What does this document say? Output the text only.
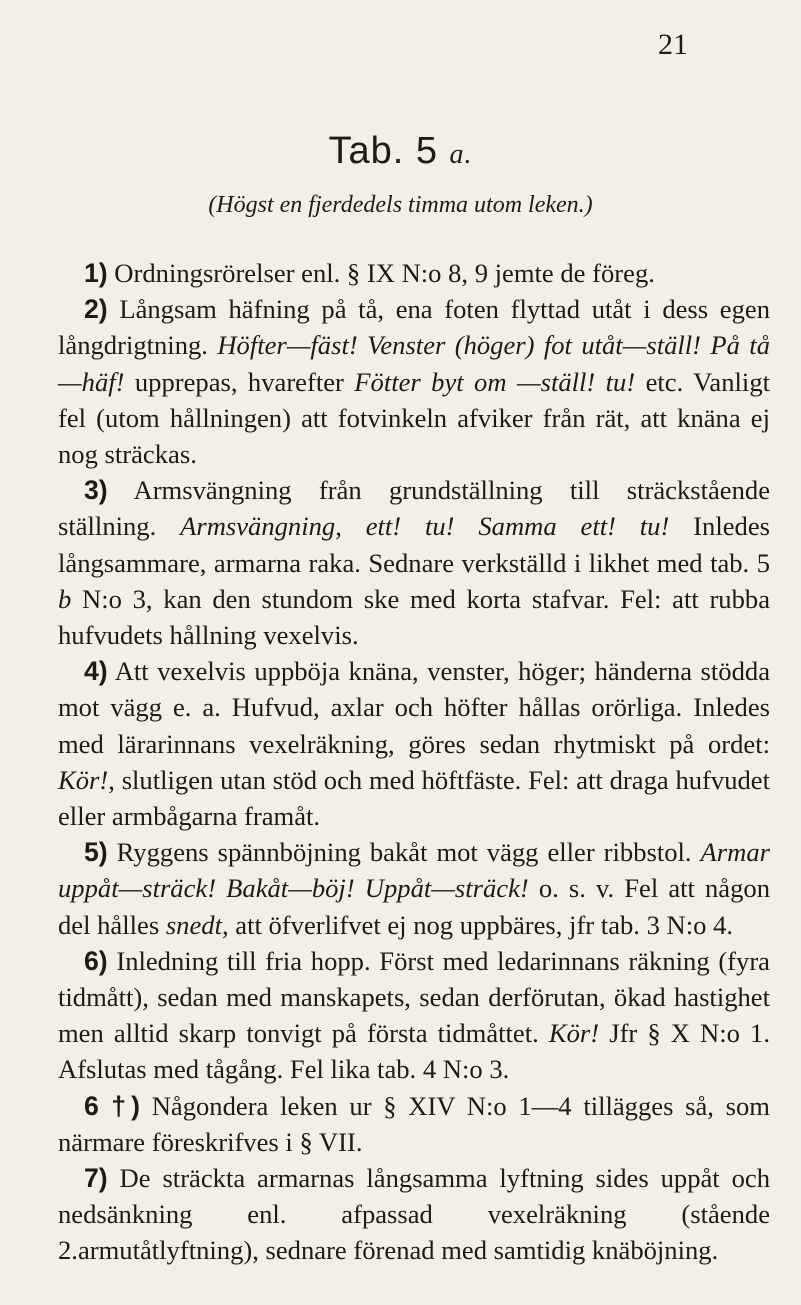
21
Tab. 5 a.
(Högst en fjerdedels timma utom leken.)

1) Ordningsrörelser enl. § IX N:o 8, 9 jemte de föreg.

2) Långsam häfning på tå, ena foten flyttad utåt i dess egen långdrigtning. Höfter—fäst! Venster (höger) fot utåt—ställ! På tå—häf! upprepas, hvarefter Fötter byt om —ställ! tu! etc. Vanligt fel (utom hållningen) att fotvinkeln afviker från rät, att knäna ej nog sträckas.

3) Armsvängning från grundställning till sträckstående ställning. Armsvängning, ett! tu! Samma ett! tu! Inledes långsammare, armarna raka. Sednare verkställd i likhet med tab. 5 b N:o 3, kan den stundom ske med korta stafvar. Fel: att rubba hufvudets hållning vexelvis.

4) Att vexelvis uppböja knäna, venster, höger; händerna stödda mot vägg e. a. Hufvud, axlar och höfter hållas orörliga. Inledes med lärarinnans vexelräkning, göres sedan rhytmiskt på ordet: Kör!, slutligen utan stöd och med höftfäste. Fel: att draga hufvudet eller armbågarna framåt.

5) Ryggens spännböjning bakåt mot vägg eller ribbstol. Armar uppåt—sträck! Bakåt—böj! Uppåt—sträck! o. s. v. Fel att någon del hålles snedt, att öfverlifvet ej nog uppbäres, jfr tab. 3 N:o 4.

6) Inledning till fria hopp. Först med ledarinnans räkning (fyra tidmått), sedan med manskapets, sedan derförutan, ökad hastighet men alltid skarp tonvigt på första tidmåttet. Kör! Jfr § X N:o 1. Afslutas med tågång. Fel lika tab. 4 N:o 3.

6 †) Någondera leken ur § XIV N:o 1—4 tillägges så, som närmare föreskrifves i § VII.

7) De sträckta armarnas långsamma lyftning sides uppåt och nedsänkning enl. afpassad vexelräkning (stående 2.armutåtlyftning), sednare förenad med samtidig knäböjning.
